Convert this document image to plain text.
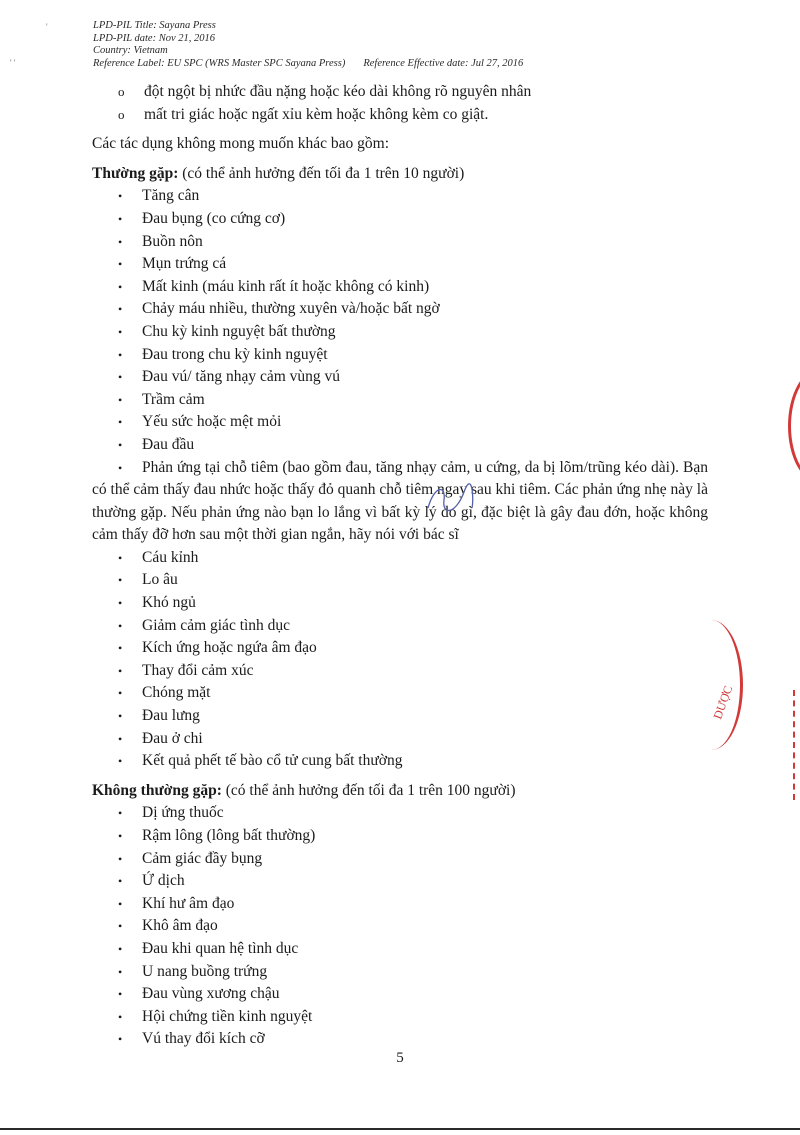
'
' '
LPD-PIL Title: Sayana Press
LPD-PIL date: Nov 21, 2016
Country: Vietnam
Reference Label: EU SPC (WRS Master SPC Sayana Press) Reference Effective date: Jul 27, 2016
o đột ngột bị nhức đầu nặng hoặc kéo dài không rõ nguyên nhân
o mất tri giác hoặc ngất xỉu kèm hoặc không kèm co giật.
Các tác dụng không mong muốn khác bao gồm:
Thường gặp: (có thể ảnh hưởng đến tối đa 1 trên 10 người)
• Tăng cân
• Đau bụng (co cứng cơ)
• Buồn nôn
• Mụn trứng cá
• Mất kinh (máu kinh rất ít hoặc không có kinh)
• Chảy máu nhiều, thường xuyên và/hoặc bất ngờ
• Chu kỳ kinh nguyệt bất thường
• Đau trong chu kỳ kinh nguyệt
• Đau vú/ tăng nhạy cảm vùng vú
• Trầm cảm
• Yếu sức hoặc mệt mỏi
• Đau đầu
• Phản ứng tại chỗ tiêm (bao gồm đau, tăng nhạy cảm, u cứng, da bị lõm/trũng kéo dài). Bạn có thể cảm thấy đau nhức hoặc thấy đỏ quanh chỗ tiêm ngay sau khi tiêm. Các phản ứng nhẹ này là thường gặp. Nếu phản ứng nào bạn lo lắng vì bất kỳ lý do gì, đặc biệt là gây đau đớn, hoặc không cảm thấy đỡ hơn sau một thời gian ngắn, hãy nói với bác sĩ
• Cáu kỉnh
• Lo âu
• Khó ngủ
• Giảm cảm giác tình dục
• Kích ứng hoặc ngứa âm đạo
• Thay đổi cảm xúc
• Chóng mặt
• Đau lưng
• Đau ở chi
• Kết quả phết tế bào cổ tử cung bất thường
Không thường gặp: (có thể ảnh hưởng đến tối đa 1 trên 100 người)
• Dị ứng thuốc
• Rậm lông (lông bất thường)
• Cảm giác đầy bụng
• Ứ dịch
• Khí hư âm đạo
• Khô âm đạo
• Đau khi quan hệ tình dục
• U nang buồng trứng
• Đau vùng xương chậu
• Hội chứng tiền kinh nguyệt
• Vú thay đổi kích cỡ
DƯỢC
5
